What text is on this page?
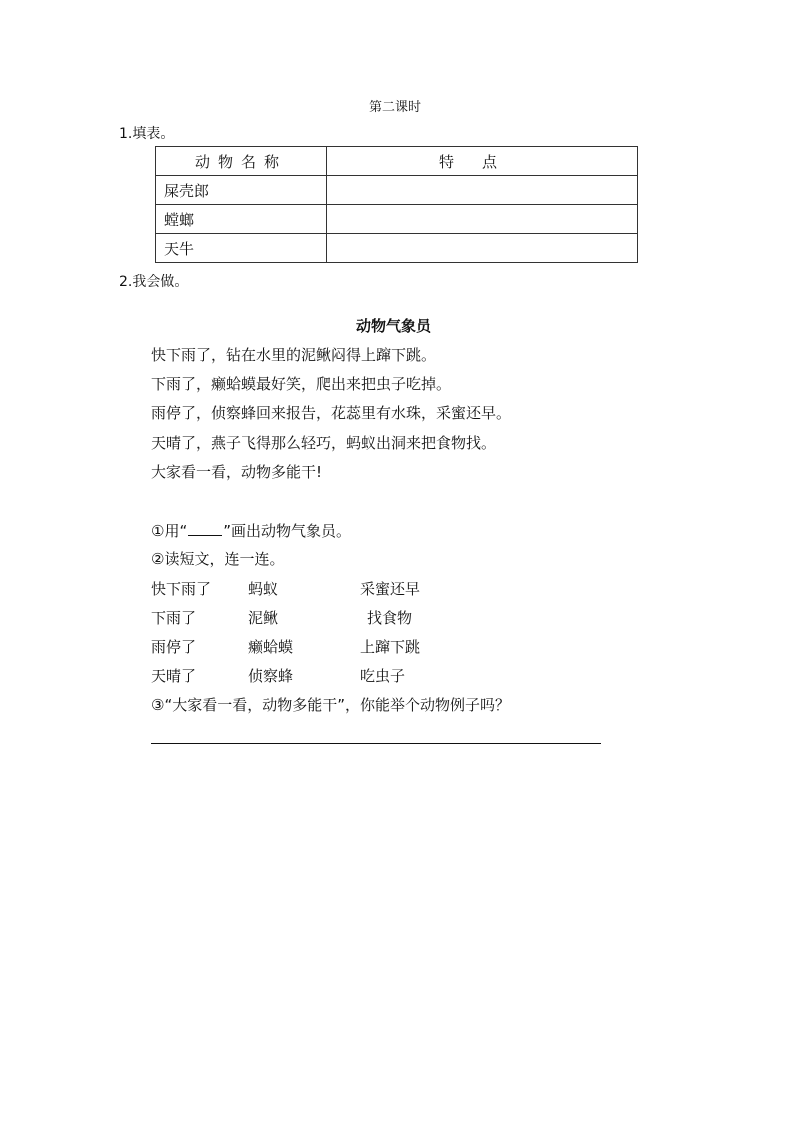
第二课时
1.填表。
动物名称	特点
屎壳郎	
螳螂	
天牛	
2.我会做。
动物气象员
快下雨了，钻在水里的泥鳅闷得上蹿下跳。
下雨了，癞蛤蟆最好笑，爬出来把虫子吃掉。
雨停了，侦察蜂回来报告，花蕊里有水珠，采蜜还早。
天晴了，燕子飞得那么轻巧，蚂蚁出洞来把食物找。
大家看一看，动物多能干!
①用“ ”画出动物气象员。
②读短文，连一连。
快下雨了 蚂蚁	采蜜还早
下雨了	泥鳅	找食物
雨停了	癞蛤蟆	上蹿下跳
天晴了	侦察蜂	吃虫子
③“大家看一看，动物多能干”，你能举个动物例子吗？
